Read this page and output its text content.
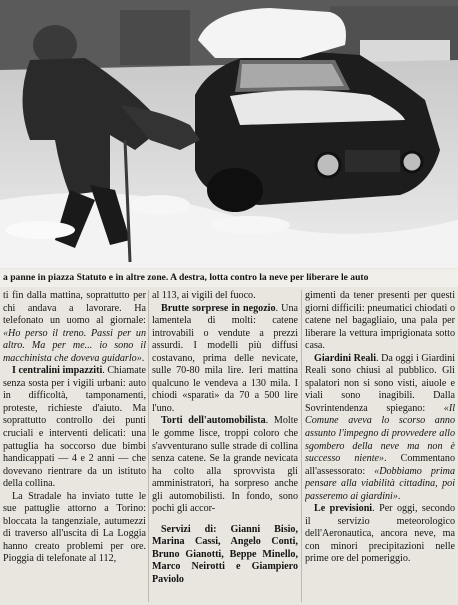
a panne in piazza Statuto e in altre zone. A destra, lotta contro la neve per liberare le auto

ti fin dalla mattina, soprattutto per chi andava a lavorare. Ha telefonato un uomo al giornale: «Ho perso il treno. Passi per un altro. Ma per me... io sono il macchinista che doveva guidarlo».

I centralini impazziti. Chiamate senza sosta per i vigili urbani: auto in difficoltà, tamponamenti, proteste, richieste d'aiuto. Ma soprattutto controllo dei punti cruciali e interventi delicati: una pattuglia ha soccorso due bimbi handicappati — 4 e 2 anni — che dovevano rientrare da un istituto della collina.

La Stradale ha inviato tutte le sue pattuglie attorno a Torino: bloccata la tangenziale, autumezzi di traverso all'uscita di La Loggia hanno creato problemi per ore. Pioggia di telefonate al 112,

al 113, ai vigili del fuoco.

Brutte sorprese in negozio. Una lamentela di molti: catene introvabili o vendute a prezzi assurdi. I modelli più diffusi costavano, prima delle nevicate, sulle 70-80 mila lire. Ieri mattina qualcuno le vendeva a 130 mila. I chiodi «sparati» da 70 a 500 lire l'uno.

Torti dell'automobilista. Molte le gomme lisce, troppi coloro che s'avventurano sulle strade di collina senza catene. Se la grande nevicata ha colto alla sprovvista gli amministratori, ha sorpreso anche gli automobilisti. In fondo, sono pochi gli accor-

Servizi di: Gianni Bisio, Marina Cassi, Angelo Conti, Bruno Gianotti, Beppe Minello, Marco Neirotti e Giampiero Paviolo

gimenti da tener presenti per questi giorni difficili: pneumatici chiodati o catene nel bagagliaio, una pala per liberare la vettura imprigionata sotto casa.

Giardini Reali. Da oggi i Giardini Reali sono chiusi al pubblico. Gli spalatori non si sono visti, aiuole e viali sono inagibili. Dalla Sovrintendenza spiegano: «Il Comune aveva lo scorso anno assunto l'impegno di provvedere allo sgombero della neve ma non è successo niente». Commentano all'assessorato: «Dobbiamo prima pensare alla viabilità cittadina, poi passeremo ai giardini».

Le previsioni. Per oggi, secondo il servizio meteorologico dell'Aeronautica, ancora neve, ma con minori precipitazioni nelle prime ore del pomeriggio.
